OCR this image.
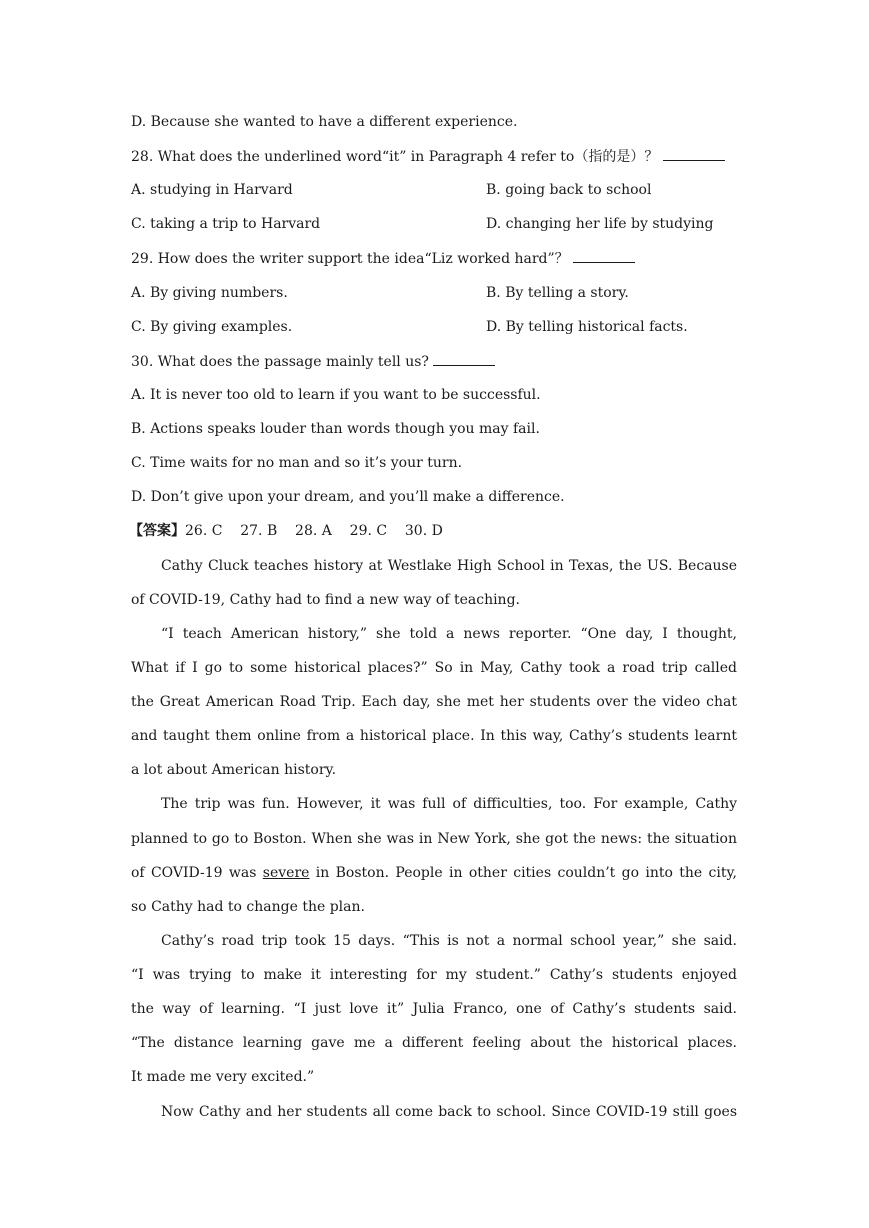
D. Because she wanted to have a different experience.
28. What does the underlined word“it” in Paragraph 4 refer to（指的是）？
A. studying in Harvard	B. going back to school
C. taking a trip to Harvard	D. changing her life by studying
29. How does the writer support the idea“Liz worked hard”？
A. By giving numbers.	B. By telling a story.
C. By giving examples.	D. By telling historical facts.
30. What does the passage mainly tell us?
A. It is never too old to learn if you want to be successful.
B. Actions speaks louder than words though you may fail.
C. Time waits for no man and so it’s your turn.
D. Don’t give upon your dream, and you’ll make a difference.
【答案】26. C    27. B    28. A    29. C    30. D
Cathy Cluck teaches history at Westlake High School in Texas, the US. Because
of COVID-19, Cathy had to find a new way of teaching.
“I teach American history,” she told a news reporter. “One day, I thought,
What if I go to some historical places?” So in May, Cathy took a road trip called
the Great American Road Trip. Each day, she met her students over the video chat
and taught them online from a historical place. In this way, Cathy’s students learnt
a lot about American history.
The trip was fun. However, it was full of difficulties, too. For example, Cathy
planned to go to Boston. When she was in New York, she got the news: the situation
of COVID-19 was severe in Boston. People in other cities couldn’t go into the city,
so Cathy had to change the plan.
Cathy’s road trip took 15 days. “This is not a normal school year,” she said.
“I was trying to make it interesting for my student.” Cathy’s students enjoyed
the way of learning. “I just love it” Julia Franco, one of Cathy’s students said.
“The distance learning gave me a different feeling about the historical places.
It made me very excited.”
Now Cathy and her students all come back to school. Since COVID-19 still goes
